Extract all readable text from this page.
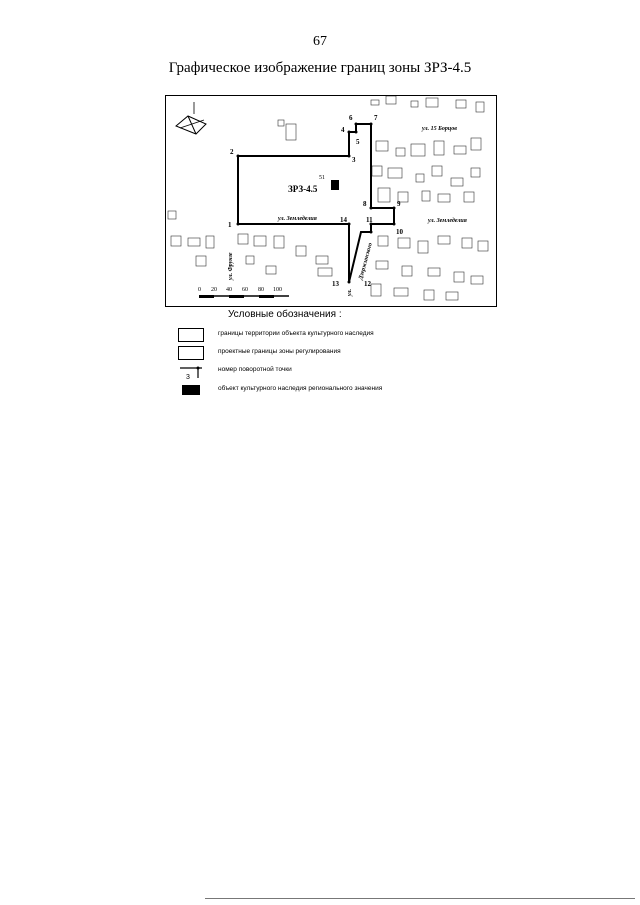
67
Графическое изображение границ зоны ЗРЗ-4.5
1
2
3
4
5
6	7
8	9
10
11
12
13
14
ЗРЗ-4.5
51
ул. 15 Борцов
ул. Земледелия	ул. Земледелия
ул. Фрунзе	Дзержинского
ул.
0 20 40 60 80 100
Условные обозначения :
границы территории объекта культурного наследия
проектные границы зоны регулирования
3
номер поворотной точки
объект культурного наследия регионального значения
